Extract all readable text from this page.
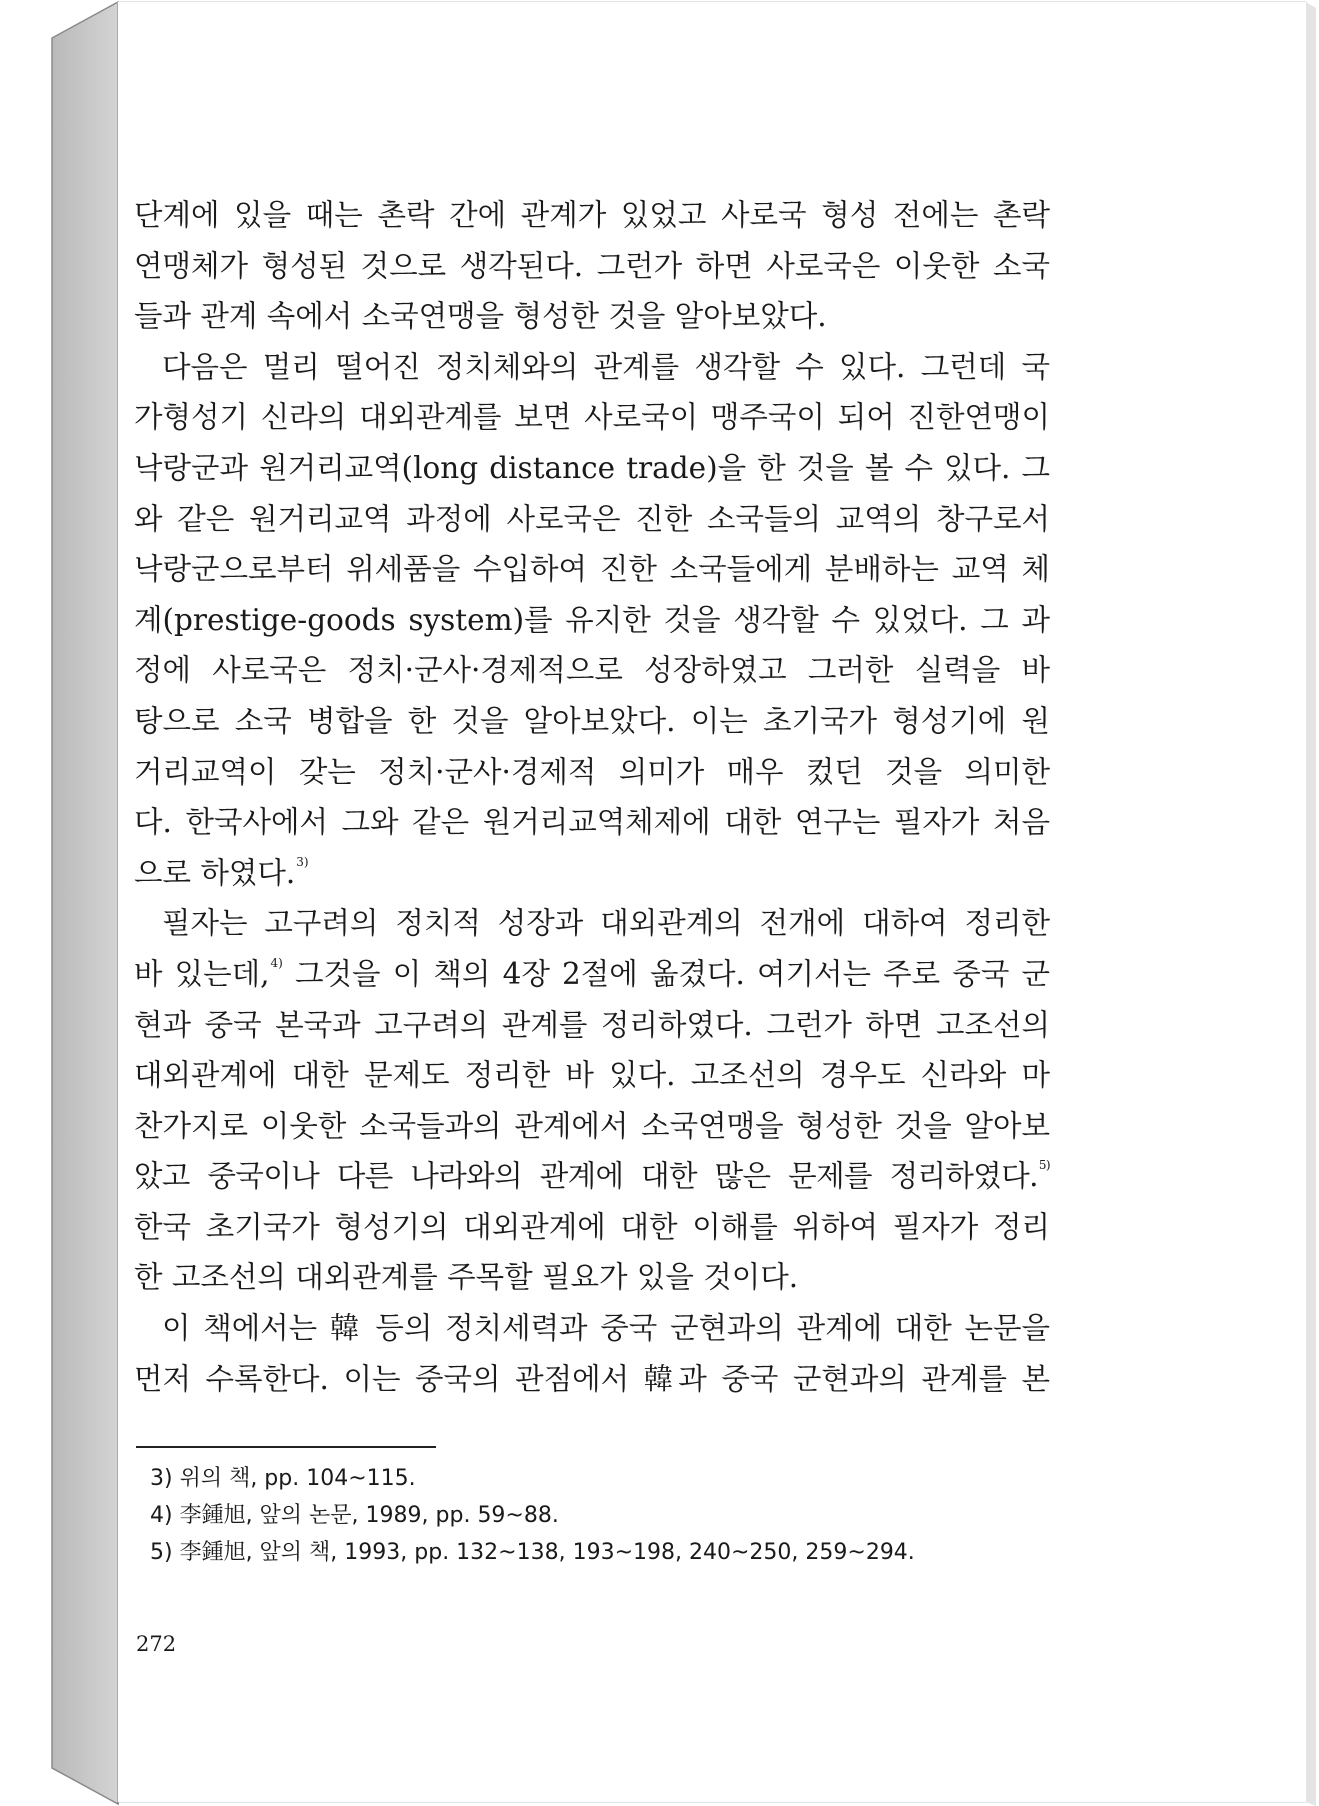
단계에 있을 때는 촌락 간에 관계가 있었고 사로국 형성 전에는 촌락

연맹체가 형성된 것으로 생각된다. 그런가 하면 사로국은 이웃한 소국

들과 관계 속에서 소국연맹을 형성한 것을 알아보았다.

다음은 멀리 떨어진 정치체와의 관계를 생각할 수 있다. 그런데 국

가형성기 신라의 대외관계를 보면 사로국이 맹주국이 되어 진한연맹이

낙랑군과 원거리교역(long distance trade)을 한 것을 볼 수 있다. 그

와 같은 원거리교역 과정에 사로국은 진한 소국들의 교역의 창구로서

낙랑군으로부터 위세품을 수입하여 진한 소국들에게 분배하는 교역 체

계(prestige-goods system)를 유지한 것을 생각할 수 있었다. 그 과

정에 사로국은 정치·군사·경제적으로 성장하였고 그러한 실력을 바

탕으로 소국 병합을 한 것을 알아보았다. 이는 초기국가 형성기에 원

거리교역이 갖는 정치·군사·경제적 의미가 매우 컸던 것을 의미한

다. 한국사에서 그와 같은 원거리교역체제에 대한 연구는 필자가 처음

으로 하였다.$^{3)}$

필자는 고구려의 정치적 성장과 대외관계의 전개에 대하여 정리한

바 있는데,$^{4)}$ 그것을 이 책의 4장 2절에 옮겼다. 여기서는 주로 중국 군

현과 중국 본국과 고구려의 관계를 정리하였다. 그런가 하면 고조선의

대외관계에 대한 문제도 정리한 바 있다. 고조선의 경우도 신라와 마

찬가지로 이웃한 소국들과의 관계에서 소국연맹을 형성한 것을 알아보

았고 중국이나 다른 나라와의 관계에 대한 많은 문제를 정리하였다.$^{5)}$

한국 초기국가 형성기의 대외관계에 대한 이해를 위하여 필자가 정리

한 고조선의 대외관계를 주목할 필요가 있을 것이다.

이 책에서는 韓 등의 정치세력과 중국 군현과의 관계에 대한 논문을

먼저 수록한다. 이는 중국의 관점에서 韓과 중국 군현과의 관계를 본

3) 위의 책, pp. 104~115.
4) 李鍾旭, 앞의 논문, 1989, pp. 59~88.
5) 李鍾旭, 앞의 책, 1993, pp. 132~138, 193~198, 240~250, 259~294.
272
